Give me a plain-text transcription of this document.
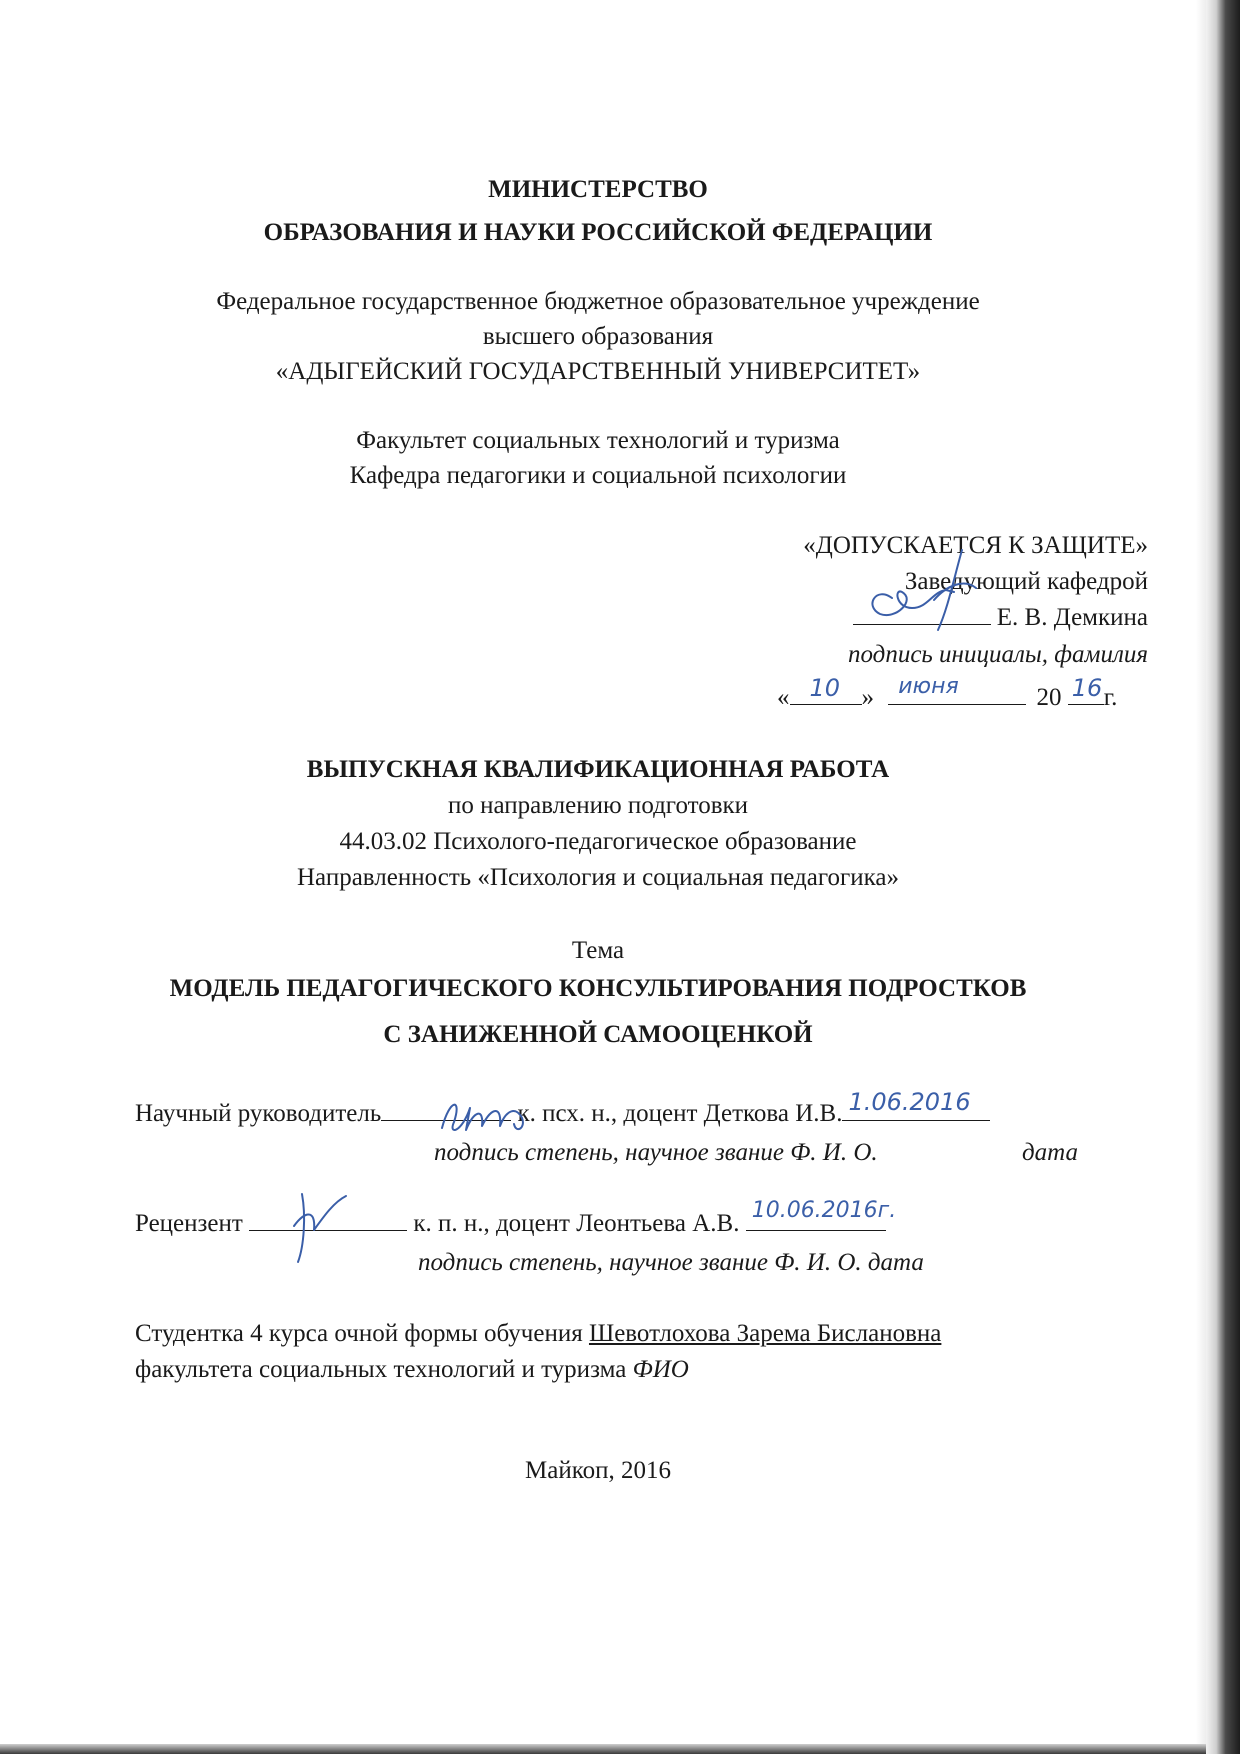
МИНИСТЕРСТВО
ОБРАЗОВАНИЯ И НАУКИ РОССИЙСКОЙ ФЕДЕРАЦИИ
Федеральное государственное бюджетное образовательное учреждение
высшего образования
«АДЫГЕЙСКИЙ ГОСУДАРСТВЕННЫЙ УНИВЕРСИТЕТ»
Факультет социальных технологий и туризма
Кафедра педагогики и социальной психологии
«ДОПУСКАЕТСЯ К ЗАЩИТЕ»
Заведующий кафедрой
Е. В. Демкина
подпись инициалы, фамилия
« 10 » июня	20 16 г.
ВЫПУСКНАЯ КВАЛИФИКАЦИОННАЯ РАБОТА
по направлению подготовки
44.03.02 Психолого-педагогическое образование
Направленность «Психология и социальная педагогика»
Тема
МОДЕЛЬ ПЕДАГОГИЧЕСКОГО КОНСУЛЬТИРОВАНИЯ ПОДРОСТКОВ
С ЗАНИЖЕННОЙ САМООЦЕНКОЙ
Научный руководитель	к. псх. н., доцент Деткова И.В. 1.06.2016
подпись степень, научное звание Ф. И. О.	дата
Рецензент	к. п. н., доцент Леонтьева А.В. 10.06.2016г.
подпись степень, научное звание Ф. И. О. дата
Студентка 4 курса очной формы обучения Шевотлохова Зарема Бислановна
факультета социальных технологий и туризма ФИО
Майкоп, 2016
